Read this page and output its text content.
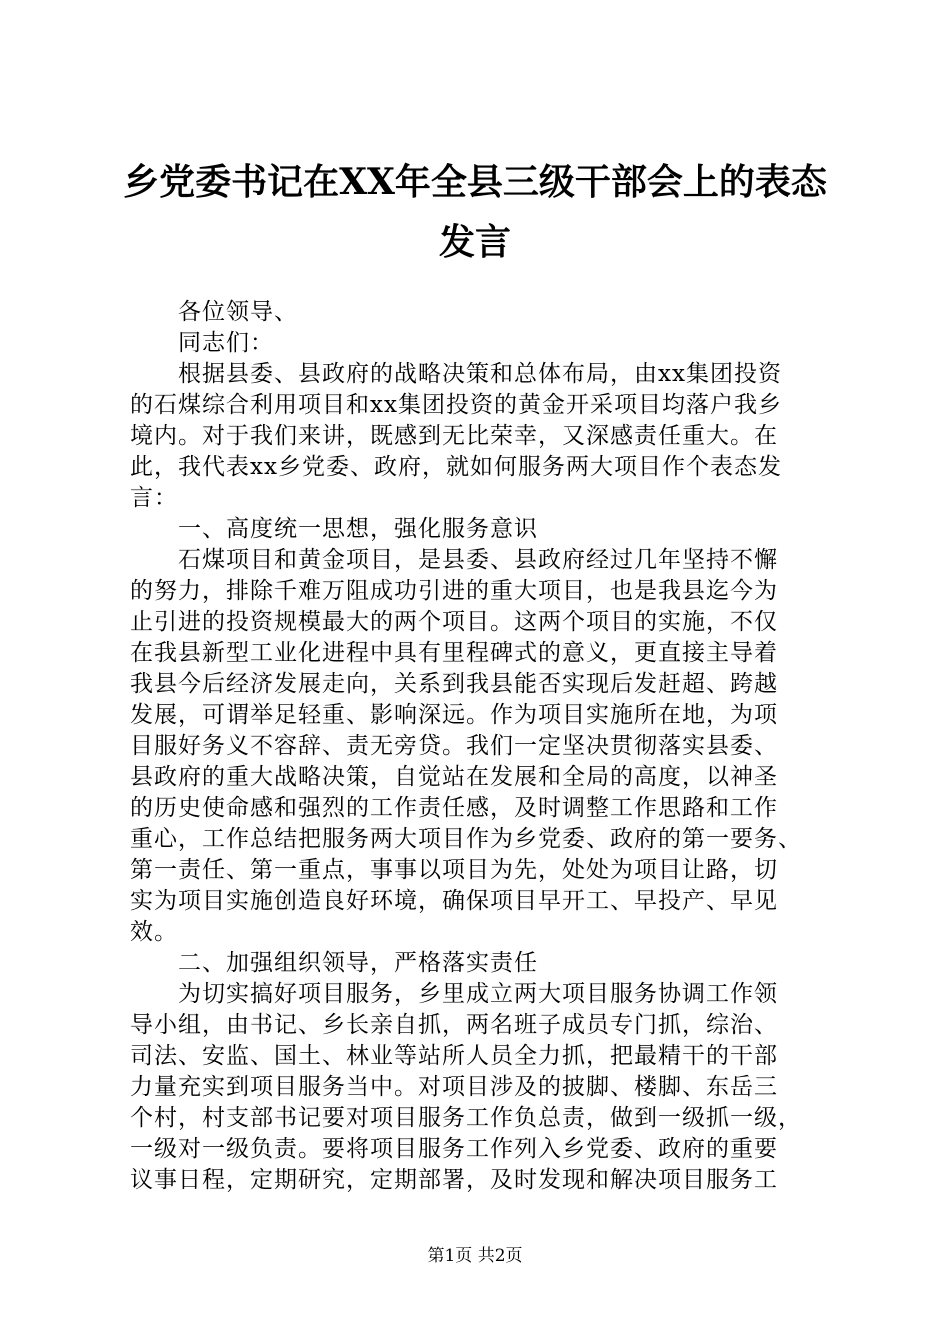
乡党委书记在XX年全县三级干部会上的表态
发言
　　各位领导、
　　同志们：
　　根据县委、县政府的战略决策和总体布局，由xx集团投资
的石煤综合利用项目和xx集团投资的黄金开采项目均落户我乡
境内。对于我们来讲，既感到无比荣幸，又深感责任重大。在
此，我代表xx乡党委、政府，就如何服务两大项目作个表态发
言：
　　一、高度统一思想，强化服务意识
　　石煤项目和黄金项目，是县委、县政府经过几年坚持不懈
的努力，排除千难万阻成功引进的重大项目，也是我县迄今为
止引进的投资规模最大的两个项目。这两个项目的实施，不仅
在我县新型工业化进程中具有里程碑式的意义，更直接主导着
我县今后经济发展走向，关系到我县能否实现后发赶超、跨越
发展，可谓举足轻重、影响深远。作为项目实施所在地，为项
目服好务义不容辞、责无旁贷。我们一定坚决贯彻落实县委、
县政府的重大战略决策，自觉站在发展和全局的高度，以神圣
的历史使命感和强烈的工作责任感，及时调整工作思路和工作
重心，工作总结把服务两大项目作为乡党委、政府的第一要务、
第一责任、第一重点，事事以项目为先，处处为项目让路，切
实为项目实施创造良好环境，确保项目早开工、早投产、早见
效。
　　二、加强组织领导，严格落实责任
　　为切实搞好项目服务，乡里成立两大项目服务协调工作领
导小组，由书记、乡长亲自抓，两名班子成员专门抓，综治、
司法、安监、国土、林业等站所人员全力抓，把最精干的干部
力量充实到项目服务当中。对项目涉及的披脚、楼脚、东岳三
个村，村支部书记要对项目服务工作负总责，做到一级抓一级，
一级对一级负责。要将项目服务工作列入乡党委、政府的重要
议事日程，定期研究，定期部署，及时发现和解决项目服务工
第1页 共2页
